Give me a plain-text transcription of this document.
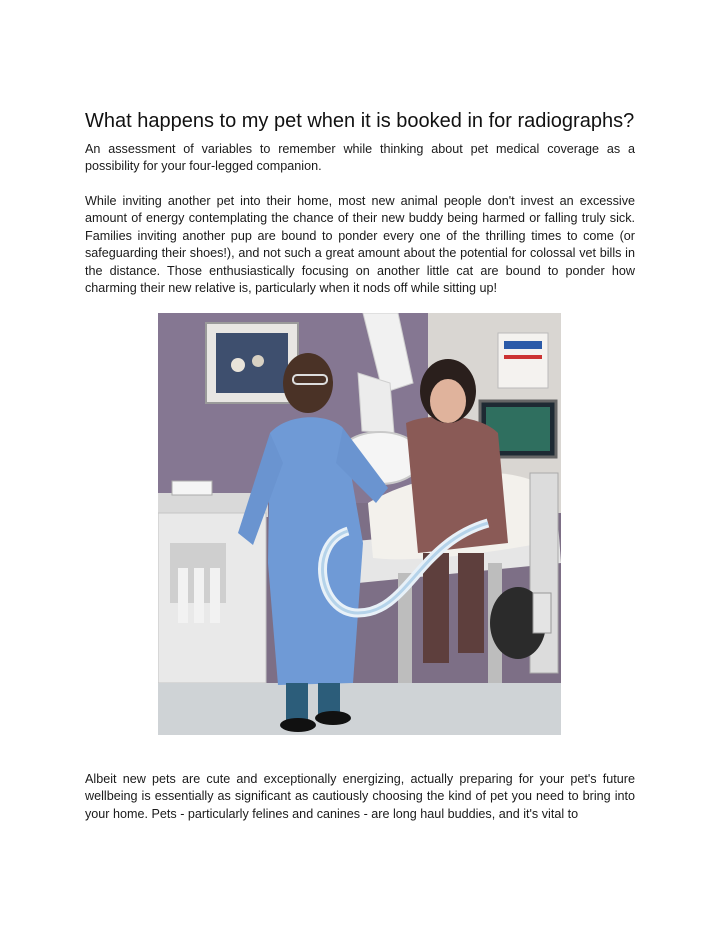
What happens to my pet when it is booked in for radiographs?

An assessment of variables to remember while thinking about pet medical coverage as a possibility for your four-legged companion.

While inviting another pet into their home, most new animal people don't invest an excessive amount of energy contemplating the chance of their new buddy being harmed or falling truly sick. Families inviting another pup are bound to ponder every one of the thrilling times to come (or safeguarding their shoes!), and not such a great amount about the potential for colossal vet bills in the distance. Those enthusiastically focusing on another little cat are bound to ponder how charming their new relative is, particularly when it nods off while sitting up!

Albeit new pets are cute and exceptionally energizing, actually preparing for your pet's future wellbeing is essentially as significant as cautiously choosing the kind of pet you need to bring into your home. Pets - particularly felines and canines - are long haul buddies, and it's vital to
